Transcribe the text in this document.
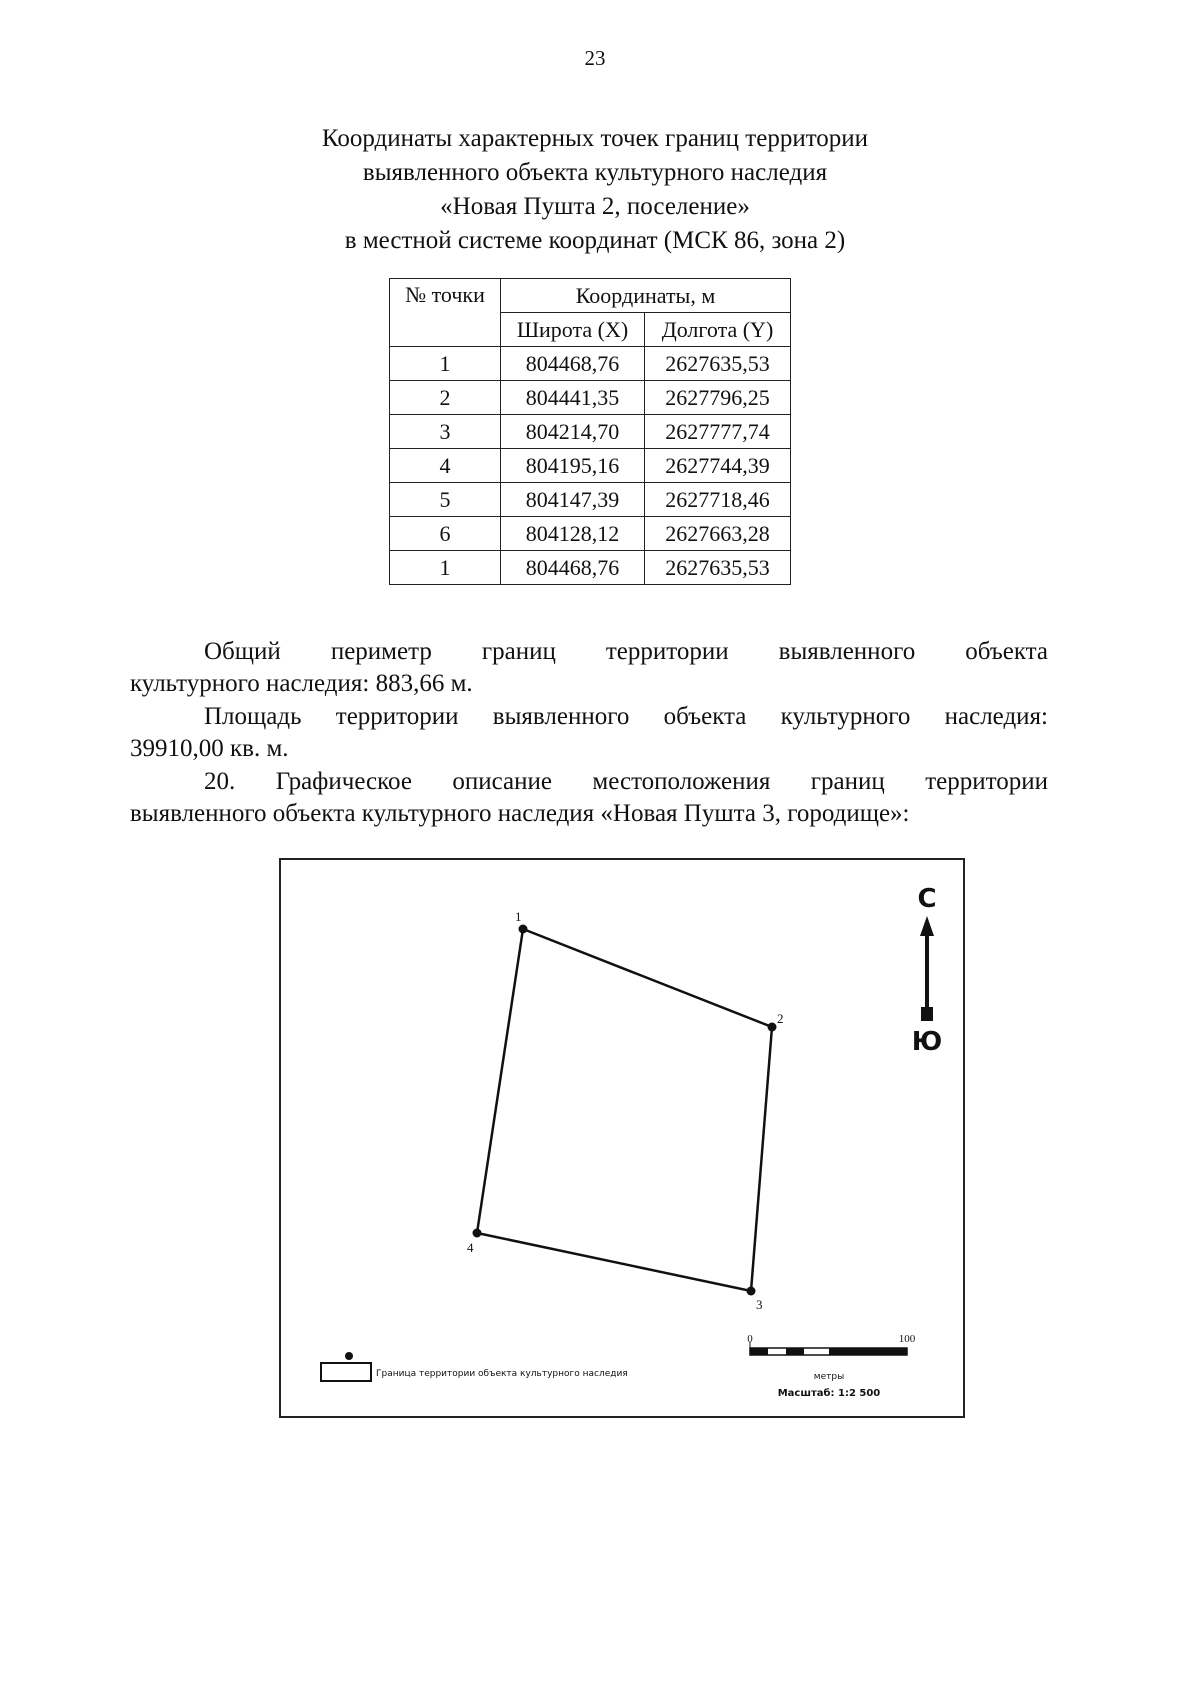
23
Координаты характерных точек границ территории
выявленного объекта культурного наследия
«Новая Пушта 2, поселение»
в местной системе координат (МСК 86, зона 2)
№ точки	Координаты, м	
	Широта (X)	Долгота (Y)
1	804468,76	2627635,53
2	804441,35	2627796,25
3	804214,70	2627777,74
4	804195,16	2627744,39
5	804147,39	2627718,46
6	804128,12	2627663,28
1	804468,76	2627635,53
Общий периметр границ территории выявленного объекта
культурного наследия: 883,66 м.
Площадь территории выявленного объекта культурного наследия:
39910,00 кв. м.
20. Графическое описание местоположения границ территории
выявленного объекта культурного наследия «Новая Пушта 3, городище»:
1
2
3
4
С
Ю
Граница территории объекта культурного наследия
0	100
метры
Масштаб: 1:2 500
